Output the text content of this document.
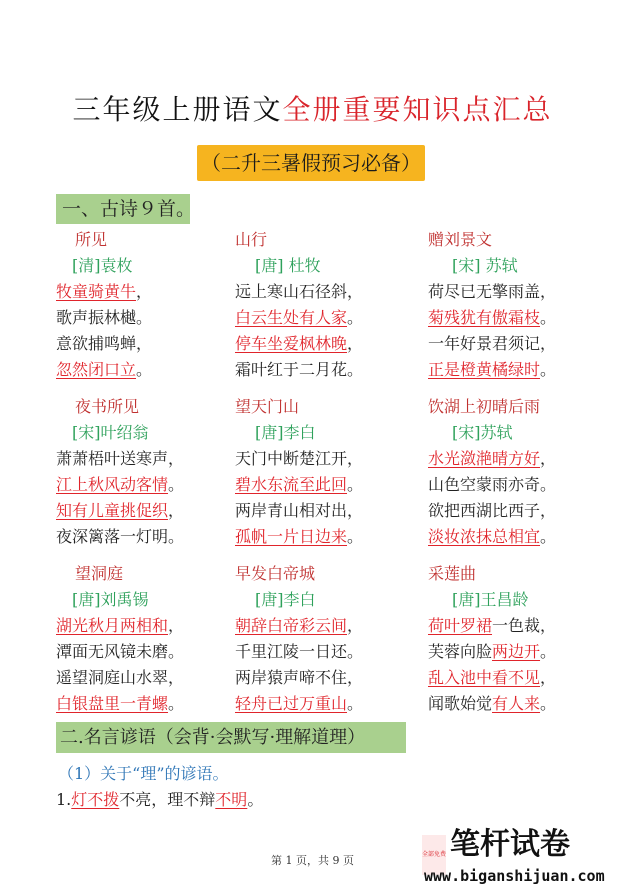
三年级上册语文全册重要知识点汇总
（二升三暑假预习必备）
一、古诗９首。
所见
[清]袁枚
牧童骑黄牛，
歌声振林樾。
意欲捕鸣蝉，
忽然闭口立。
山行
[唐] 杜牧
远上寒山石径斜，
白云生处有人家。
停车坐爱枫林晚，
霜叶红于二月花。
赠刘景文
[宋] 苏轼
荷尽已无擎雨盖，
菊残犹有傲霜枝。
一年好景君须记，
正是橙黄橘绿时。
夜书所见
[宋]叶绍翁
萧萧梧叶送寒声，
江上秋风动客情。
知有儿童挑促织，
夜深篱落一灯明。
望天门山
[唐]李白
天门中断楚江开，
碧水东流至此回。
两岸青山相对出，
孤帆一片日边来。
饮湖上初晴后雨
[宋]苏轼
水光潋滟晴方好，
山色空蒙雨亦奇。
欲把西湖比西子，
淡妆浓抹总相宜。
望洞庭
[唐]刘禹锡
湖光秋月两相和，
潭面无风镜未磨。
遥望洞庭山水翠，
白银盘里一青螺。
早发白帝城
[唐]李白
朝辞白帝彩云间，
千里江陵一日还。
两岸猿声啼不住，
轻舟已过万重山。
采莲曲
[唐]王昌龄
荷叶罗裙一色裁，
芙蓉向脸两边开。
乱入池中看不见，
闻歌始觉有人来。
二.名言谚语（会背·会默写·理解道理）
（1）关于“理”的谚语。
1.灯不拨不亮，理不辩不明。
第 1 页，共 9 页	全部免费 笔杆试卷
www.biganshijuan.com
